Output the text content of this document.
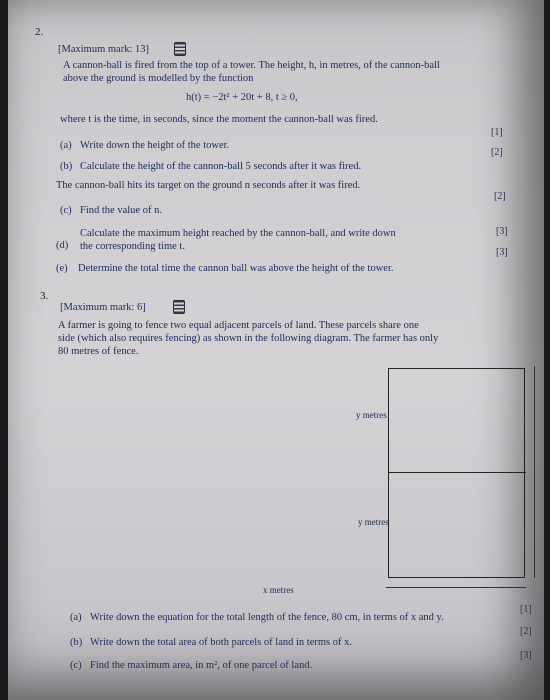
2.
[Maximum mark: 13]
A cannon-ball is fired from the top of a tower. The height, h, in metres, of the cannon-ball
above the ground is modelled by the function
h(t) = −2t² + 20t + 8, t ≥ 0,
where t is the time, in seconds, since the moment the cannon-ball was fired.
(a) Write down the height of the tower.
[1]
(b) Calculate the height of the cannon-ball 5 seconds after it was fired.
[2]
The cannon-ball hits its target on the ground n seconds after it was fired.
(c) Find the value of n.
[2]
(d)
Calculate the maximum height reached by the cannon-ball, and write down
the corresponding time t.
[3]
(e) Determine the total time the cannon ball was above the height of the tower.
[3]
3.
[Maximum mark: 6]
A farmer is going to fence two equal adjacent parcels of land. These parcels share one
side (which also requires fencing) as shown in the following diagram. The farmer has only
80 metres of fence.
y metres
y metres
x metres
(a) Write down the equation for the total length of the fence, 80 cm, in terms of x and y.
[1]
(b) Write down the total area of both parcels of land in terms of x.
[2]
(c) Find the maximum area, in m², of one parcel of land.
[3]
